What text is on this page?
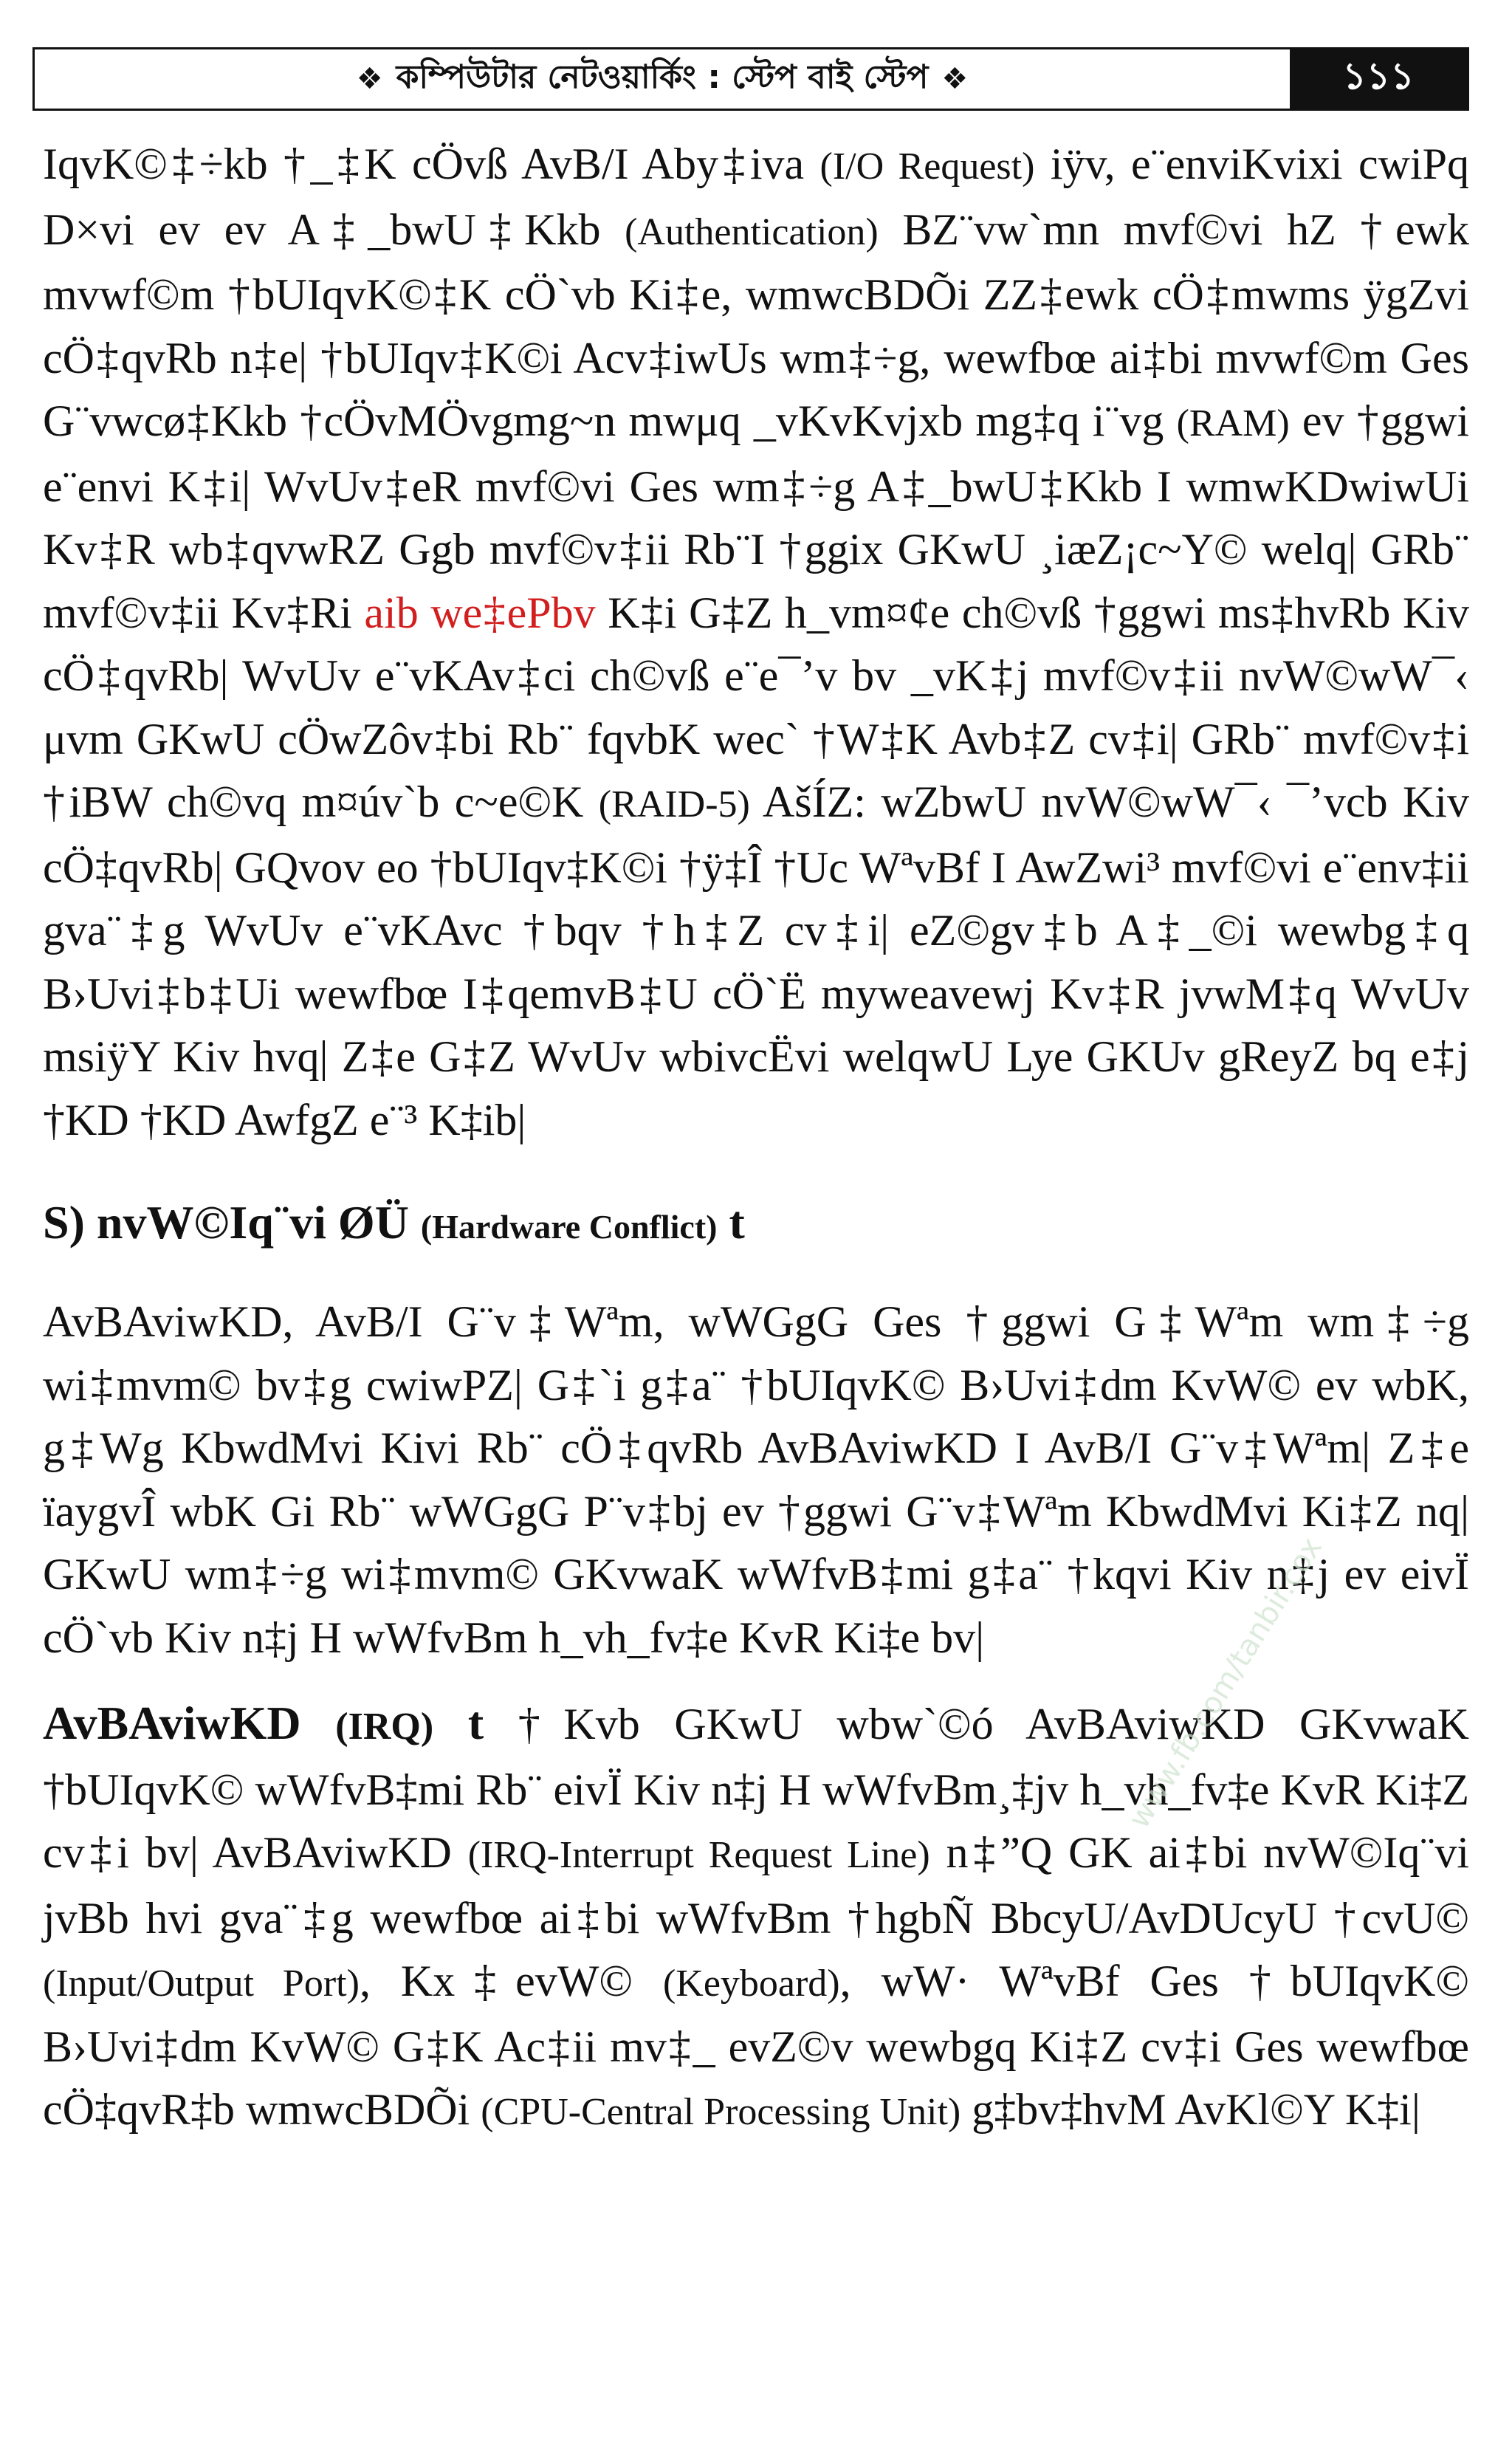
❖ কম্পিউটার নেটওয়ার্কিং : স্টেপ বাই স্টেপ ❖	১১১

IqvK©‡÷kb †_‡K cÖvß AvB/I Aby‡iva (I/O Request) iÿv, e¨enviKvixi cwiPq D×vi ev ev A‡_bwU‡Kkb (Authentication) BZ¨vw`mn mvf©vi hZ †ewk mvwf©m †bUIqvK©‡K cÖ`vb Ki‡e, wmwcBDÕi ZZ‡ewk cÖ‡mwms ÿgZvi cÖ‡qvRb n‡e| †bUIqv‡K©i Acv‡iwUs wm‡÷g, wewfbœ ai‡bi mvwf©m Ges G¨vwcø‡Kkb †cÖvMÖvgmg~n mwμq _vKvKvjxb mg‡q i¨vg (RAM) ev †ggwi e¨envi K‡i| WvUv‡eR mvf©vi Ges wm‡÷g A‡_bwU‡Kkb I wmwKDwiwUi Kv‡R wb‡qvwRZ Ggb mvf©v‡ii Rb¨I †ggix GKwU ¸iæZ¡c~Y© welq| GRb¨ mvf©v‡ii Kv‡Ri aib we‡ePbv K‡i G‡Z h_vm¤¢e ch©vß †ggwi ms‡hvRb Kiv cÖ‡qvRb| WvUv e¨vKAv‡ci ch©vß e¨e¯’v bv _vK‡j mvf©v‡ii nvW©wW¯‹ μvm GKwU cÖwZôv‡bi Rb¨ fqvbK wec` †W‡K Avb‡Z cv‡i| GRb¨ mvf©v‡i †iBW ch©vq m¤úv`b c~e©K (RAID-5) AšÍZ: wZbwU nvW©wW¯‹ ¯’vcb Kiv cÖ‡qvRb| GQvov eo †bUIqv‡K©i †ÿ‡Î †Uc WªvBf I AwZwi³ mvf©vi e¨env‡ii gva¨‡g WvUv e¨vKAvc †bqv †h‡Z cv‡i| eZ©gv‡b A‡_©i wewbg‡q B›Uvi‡b‡Ui wewfbœ I‡qemvB‡U cÖ`Ë myweavewj Kv‡R jvwM‡q WvUv msiÿY Kiv hvq| Z‡e G‡Z WvUv wbivcËvi welqwU Lye GKUv gReyZ bq e‡j †KD †KD AwfgZ e¨³ K‡ib|

S) nvW©Iq¨vi ØÜ (Hardware Conflict) t

AvBAviwKD, AvB/I G¨v‡Wªm, wWGgG Ges †ggwi G‡Wªm wm‡÷g wi‡mvm© bv‡g cwiwPZ| G‡`i g‡a¨ †bUIqvK© B›Uvi‡dm KvW© ev wbK, g‡Wg KbwdMvi Kivi Rb¨ cÖ‡qvRb AvBAviwKD I AvB/I G¨v‡Wªm| Z‡e ïaygvÎ wbK Gi Rb¨ wWGgG P¨v‡bj ev †ggwi G¨v‡Wªm KbwdMvi Ki‡Z nq| GKwU wm‡÷g wi‡mvm© GKvwaK wWfvB‡mi g‡a¨ †kqvi Kiv n‡j ev eivÏ cÖ`vb Kiv n‡j H wWfvBm h_vh_fv‡e KvR Ki‡e bv|

AvBAviwKD (IRQ) t †Kvb GKwU wbw`©ó AvBAviwKD GKvwaK †bUIqvK© wWfvB‡mi Rb¨ eivÏ Kiv n‡j H wWfvBm¸‡jv h_vh_fv‡e KvR Ki‡Z cv‡i bv| AvBAviwKD (IRQ-Interrupt Request Line) n‡”Q GK ai‡bi nvW©Iq¨vi jvBb hvi gva¨‡g wewfbœ ai‡bi wWfvBm †hgbÑ BbcyU/AvDUcyU †cvU© (Input/Output Port), Kx‡evW© (Keyboard), wW· WªvBf Ges †bUIqvK© B›Uvi‡dm KvW© G‡K Ac‡ii mv‡_ evZ©v wewbgq Ki‡Z cv‡i Ges wewfbœ cÖ‡qvR‡b wmwcBDÕi (CPU-Central Processing Unit) g‡bv‡hvM AvKl©Y K‡i|

www.fb.com/tanbir.cox
